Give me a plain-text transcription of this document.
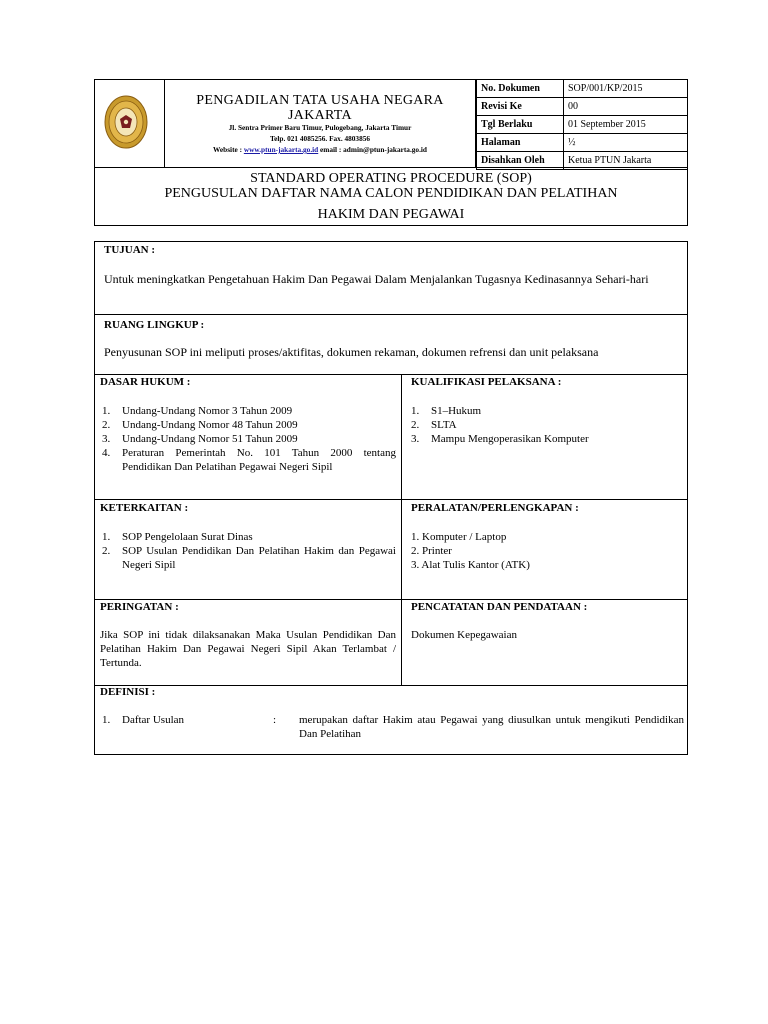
PENGADILAN TATA USAHA NEGARA
JAKARTA
Jl. Sentra Primer Baru Timur, Pulogebang, Jakarta Timur
Telp. 021 4085256. Fax. 4803856
Website : www.ptun-jakarta.go.id email : admin@ptun-jakarta.go.id
No. Dokumen	SOP/001/KP/2015
Revisi Ke	00
Tgl Berlaku	01 September 2015
Halaman	½
Disahkan Oleh	Ketua PTUN Jakarta
STANDARD OPERATING PROCEDURE (SOP)
PENGUSULAN DAFTAR NAMA CALON PENDIDIKAN DAN PELATIHAN
HAKIM DAN PEGAWAI
TUJUAN :
Untuk meningkatkan Pengetahuan Hakim Dan Pegawai Dalam Menjalankan Tugasnya Kedinasannya Sehari-hari
RUANG LINGKUP :
Penyusunan SOP ini meliputi proses/aktifitas, dokumen rekaman, dokumen refrensi dan unit pelaksana
DASAR HUKUM :
1. Undang-Undang Nomor 3 Tahun 2009
2. Undang-Undang Nomor 48 Tahun 2009
3. Undang-Undang Nomor 51 Tahun 2009
4. Peraturan Pemerintah No. 101 Tahun 2000 tentang Pendidikan Dan Pelatihan Pegawai Negeri Sipil
KUALIFIKASI PELAKSANA :
1. S1–Hukum
2. SLTA
3. Mampu Mengoperasikan Komputer
KETERKAITAN :
1. SOP Pengelolaan Surat Dinas
2. SOP Usulan Pendidikan Dan Pelatihan Hakim dan Pegawai Negeri Sipil
PERALATAN/PERLENGKAPAN :
1. Komputer / Laptop
2. Printer
3. Alat Tulis Kantor (ATK)
PERINGATAN :
Jika SOP ini tidak dilaksanakan Maka Usulan Pendidikan Dan Pelatihan Hakim Dan Pegawai Negeri Sipil Akan Terlambat / Tertunda.
PENCATATAN DAN PENDATAAN :
Dokumen Kepegawaian
DEFINISI :
1. Daftar Usulan	: merupakan daftar Hakim atau Pegawai yang diusulkan untuk mengikuti Pendidikan Dan Pelatihan
